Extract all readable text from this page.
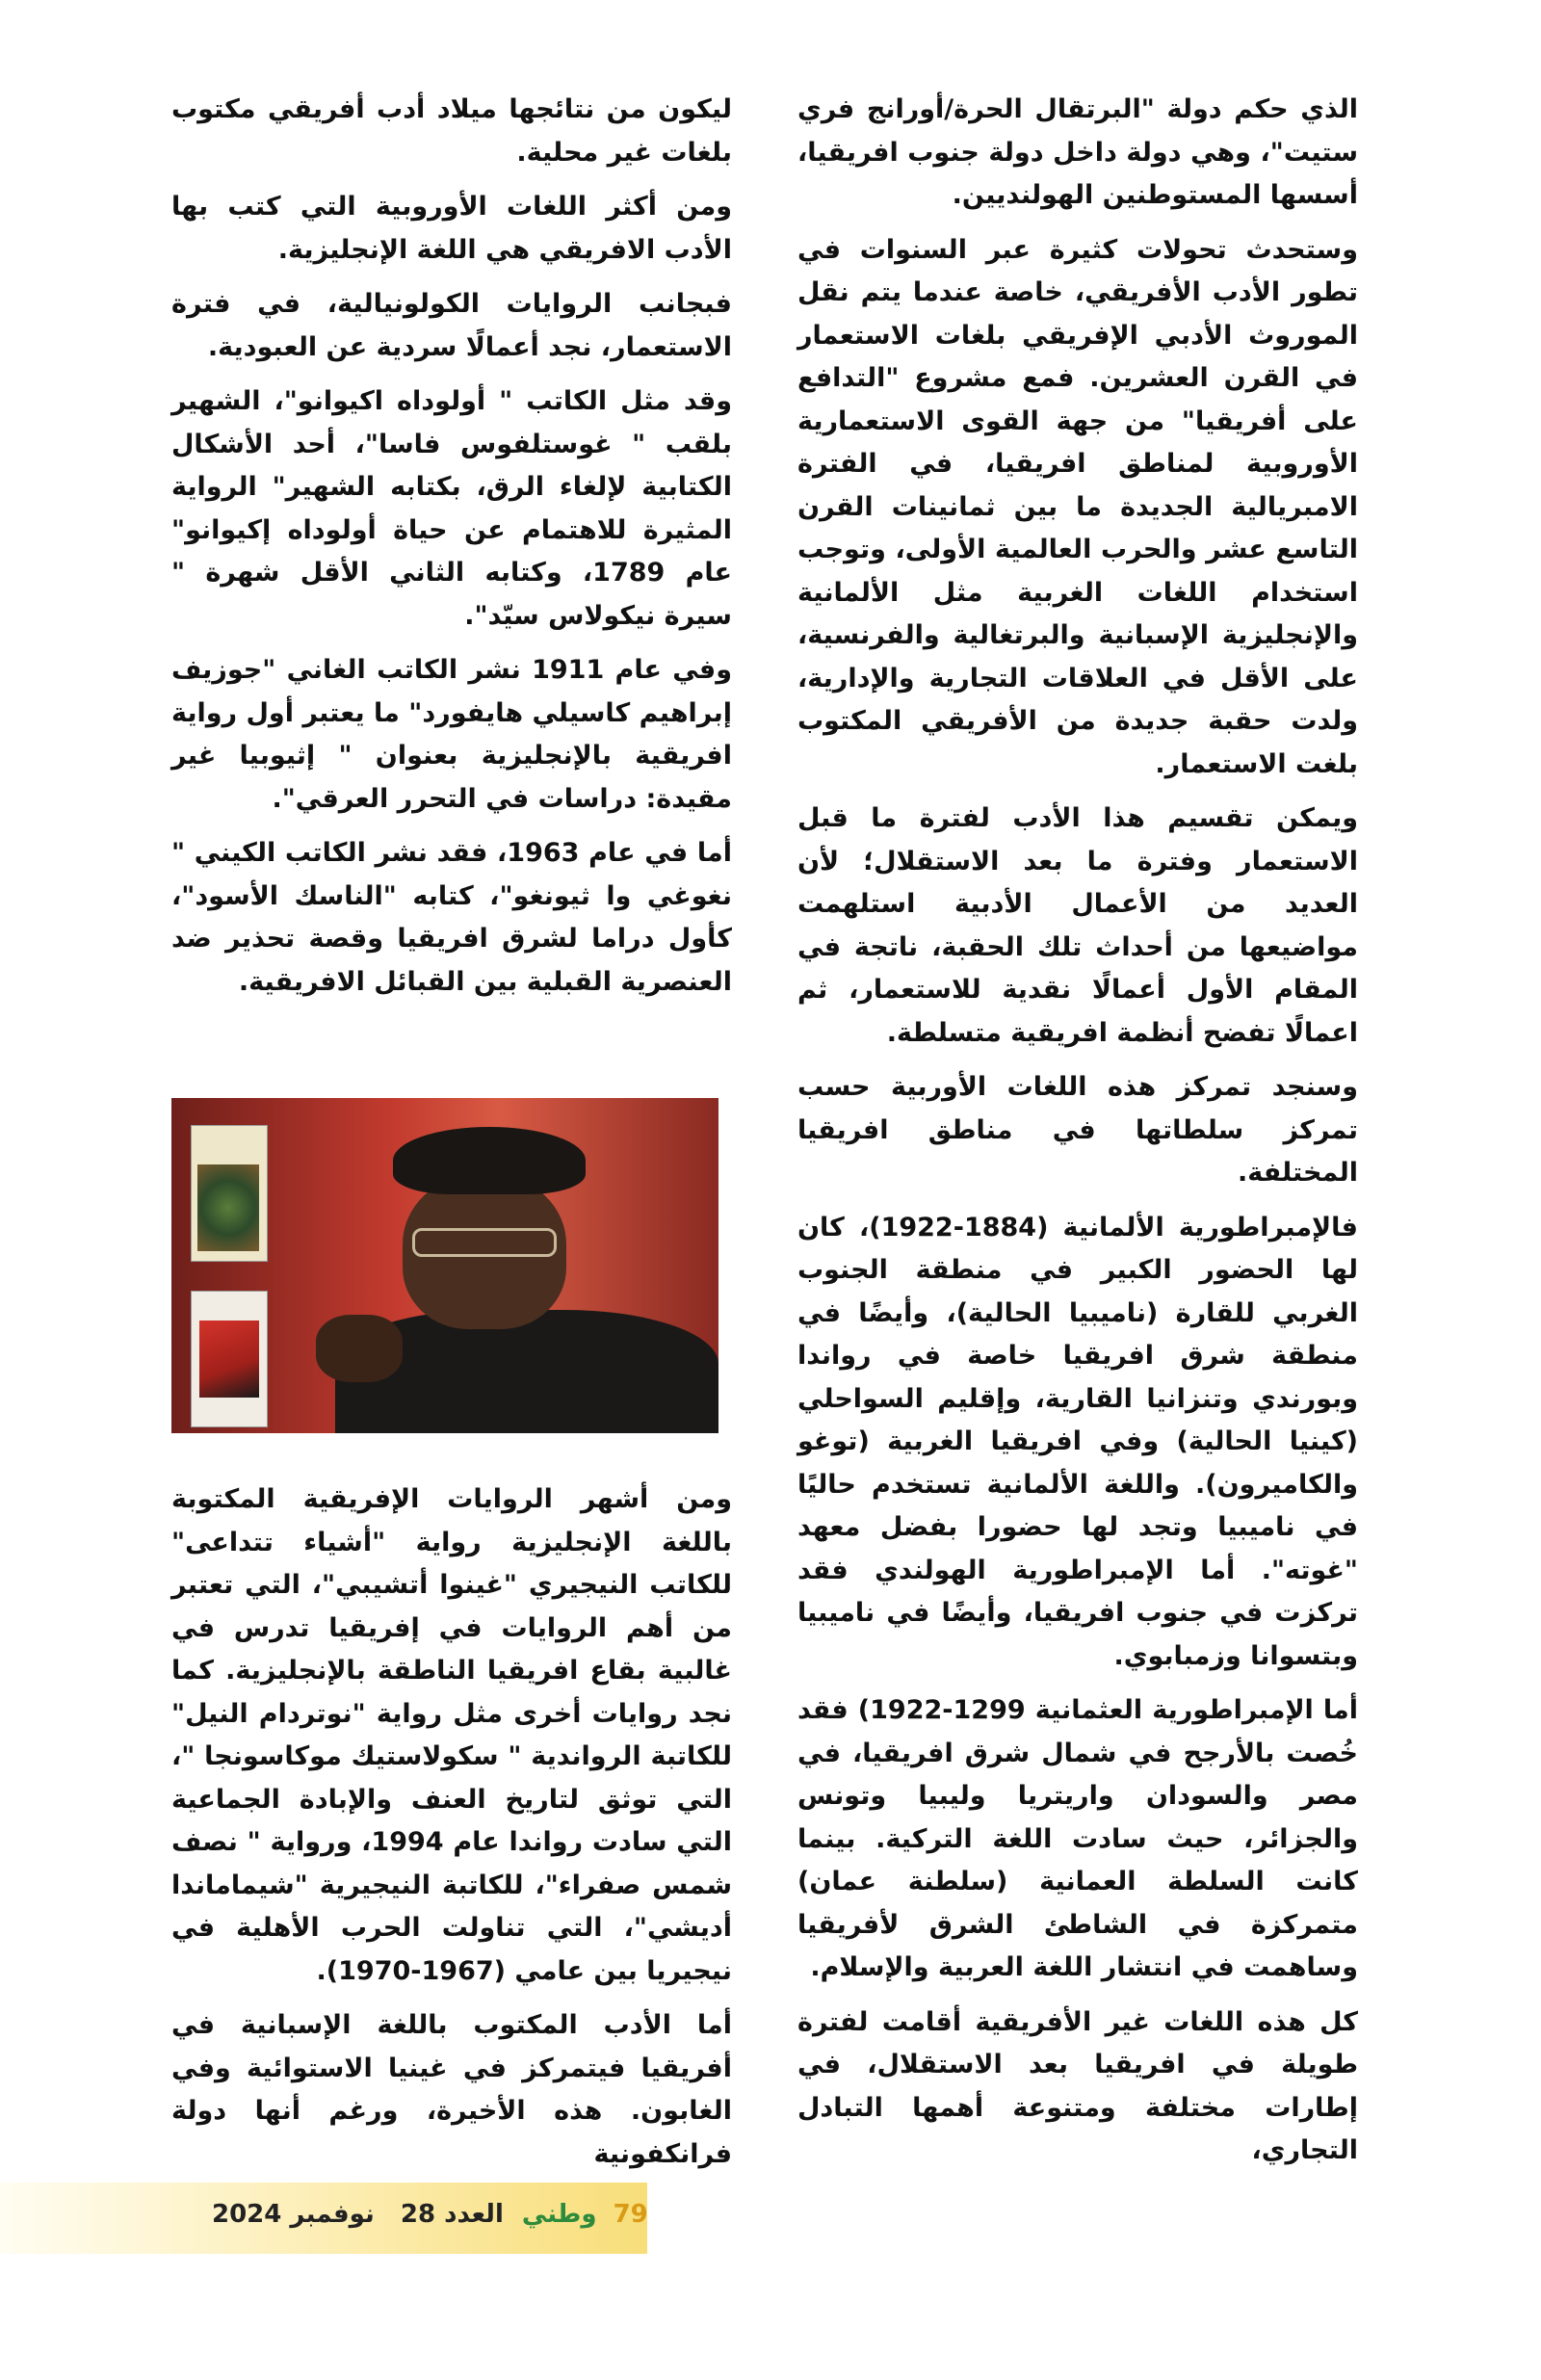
الذي حكم دولة "البرتقال الحرة/أورانج فري ستيت"، وهي دولة داخل دولة جنوب افريقيا، أسسها المستوطنين الهولنديين.

وستحدث تحولات كثيرة عبر السنوات في تطور الأدب الأفريقي، خاصة عندما يتم نقل الموروث الأدبي الإفريقي بلغات الاستعمار في القرن العشرين. فمع مشروع "التدافع على أفريقيا" من جهة القوى الاستعمارية الأوروبية لمناطق افريقيا، في الفترة الامبريالية الجديدة ما بين ثمانينات القرن التاسع عشر والحرب العالمية الأولى، وتوجب استخدام اللغات الغربية مثل الألمانية والإنجليزية الإسبانية والبرتغالية والفرنسية، على الأقل في العلاقات التجارية والإدارية، ولدت حقبة جديدة من الأفريقي المكتوب بلغت الاستعمار.

ويمكن تقسيم هذا الأدب لفترة ما قبل الاستعمار وفترة ما بعد الاستقلال؛ لأن العديد من الأعمال الأدبية استلهمت مواضيعها من أحداث تلك الحقبة، ناتجة في المقام الأول أعمالًا نقدية للاستعمار، ثم اعمالًا تفضح أنظمة افريقية متسلطة.

وسنجد تمركز هذه اللغات الأوربية حسب تمركز سلطاتها في مناطق افريقيا المختلفة.

فالإمبراطورية الألمانية (1884-1922)، كان لها الحضور الكبير في منطقة الجنوب الغربي للقارة (ناميبيا الحالية)، وأيضًا في منطقة شرق افريقيا خاصة في رواندا وبورندي وتنزانيا القارية، وإقليم السواحلي (كينيا الحالية) وفي افريقيا الغربية (توغو والكاميرون). واللغة الألمانية تستخدم حاليًا في ناميبيا وتجد لها حضورا بفضل معهد "غوته". أما الإمبراطورية الهولندي فقد تركزت في جنوب افريقيا، وأيضًا في ناميبيا وبتسوانا وزمبابوي.

أما الإمبراطورية العثمانية 1299-1922) فقد خُصت بالأرجح في شمال شرق افريقيا، في مصر والسودان واريتريا وليبيا وتونس والجزائر، حيث سادت اللغة التركية. بينما كانت السلطة العمانية (سلطنة عمان) متمركزة في الشاطئ الشرق لأفريقيا وساهمت في انتشار اللغة العربية والإسلام.

كل هذه اللغات غير الأفريقية أقامت لفترة طويلة في افريقيا بعد الاستقلال، في إطارات مختلفة ومتنوعة أهمها التبادل التجاري،

ليكون من نتائجها ميلاد أدب أفريقي مكتوب بلغات غير محلية.

ومن أكثر اللغات الأوروبية التي كتب بها الأدب الافريقي هي اللغة الإنجليزية.

فبجانب الروايات الكولونيالية، في فترة الاستعمار، نجد أعمالًا سردية عن العبودية.

وقد مثل الكاتب " أولوداه اكيوانو"، الشهير بلقب " غوستلفوس فاسا"، أحد الأشكال الكتابية لإلغاء الرق، بكتابه الشهير" الرواية المثيرة للاهتمام عن حياة أولوداه إكيوانو" عام 1789، وكتابه الثاني الأقل شهرة " سيرة نيكولاس سيّد".

وفي عام 1911 نشر الكاتب الغاني "جوزيف إبراهيم كاسيلي هايفورد" ما يعتبر أول رواية افريقية بالإنجليزية بعنوان " إثيوبيا غير مقيدة: دراسات في التحرر العرقي".

أما في عام 1963، فقد نشر الكاتب الكيني " نغوغي وا ثيونغو"، كتابه "الناسك الأسود"، كأول دراما لشرق افريقيا وقصة تحذير ضد العنصرية القبلية بين القبائل الافريقية.

ومن أشهر الروايات الإفريقية المكتوبة باللغة الإنجليزية رواية "أشياء تتداعى" للكاتب النيجيري "غينوا أتشيبي"، التي تعتبر من أهم الروايات في إفريقيا تدرس في غالبية بقاع افريقيا الناطقة بالإنجليزية. كما نجد روايات أخرى مثل رواية "نوتردام النيل" للكاتبة الرواندية " سكولاستيك موكاسونجا "، التي توثق لتاريخ العنف والإبادة الجماعية التي سادت رواندا عام 1994، ورواية " نصف شمس صفراء"، للكاتبة النيجيرية "شيماماندا أديشي"، التي تناولت الحرب الأهلية في نيجيريا بين عامي (1967-1970).

أما الأدب المكتوب باللغة الإسبانية في أفريقيا فيتمركز في غينيا الاستوائية وفي الغابون. هذه الأخيرة، ورغم أنها دولة فرانكفونية

79 وطني العدد 28   نوفمبر 2024
